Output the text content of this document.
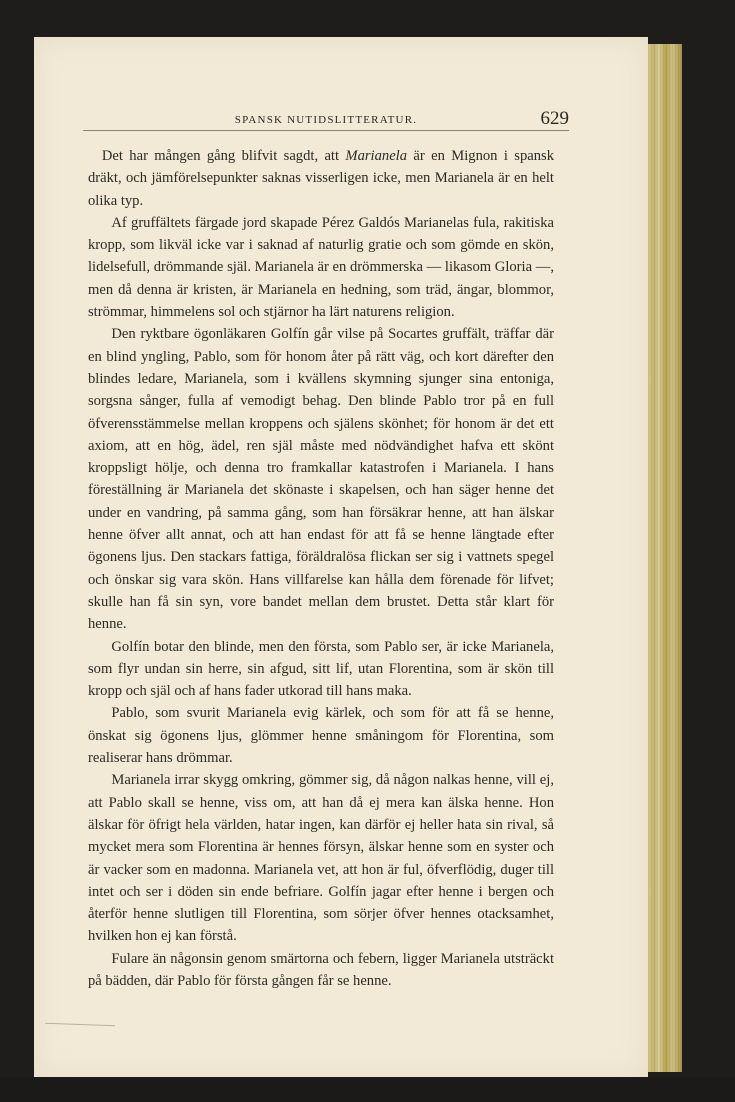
SPANSK NUTIDSLITTERATUR.	629

Det har mången gång blifvit sagdt, att Marianela är en Mignon i spansk dräkt, och jämförelsepunkter saknas visserligen icke, men Marianela är en helt olika typ.

Af gruffältets färgade jord skapade Pérez Galdós Marianelas fula, rakitiska kropp, som likväl icke var i saknad af naturlig gratie och som gömde en skön, lidelsefull, drömmande själ. Marianela är en drömmerska — likasom Gloria —, men då denna är kristen, är Marianela en hedning, som träd, ängar, blommor, strömmar, himmelens sol och stjärnor ha lärt naturens religion.

Den ryktbare ögonläkaren Golfín går vilse på Socartes gruffält, träffar där en blind yngling, Pablo, som för honom åter på rätt väg, och kort därefter den blindes ledare, Marianela, som i kvällens skymning sjunger sina entoniga, sorgsna sånger, fulla af vemodigt behag. Den blinde Pablo tror på en full öfverensstämmelse mellan kroppens och själens skönhet; för honom är det ett axiom, att en hög, ädel, ren själ måste med nödvändighet hafva ett skönt kroppsligt hölje, och denna tro framkallar katastrofen i Marianela. I hans föreställning är Marianela det skönaste i skapelsen, och han säger henne det under en vandring, på samma gång, som han försäkrar henne, att han älskar henne öfver allt annat, och att han endast för att få se henne längtade efter ögonens ljus. Den stackars fattiga, föräldralösa flickan ser sig i vattnets spegel och önskar sig vara skön. Hans villfarelse kan hålla dem förenade för lifvet; skulle han få sin syn, vore bandet mellan dem brustet. Detta står klart för henne.

Golfín botar den blinde, men den första, som Pablo ser, är icke Marianela, som flyr undan sin herre, sin afgud, sitt lif, utan Florentina, som är skön till kropp och själ och af hans fader utkorad till hans maka.

Pablo, som svurit Marianela evig kärlek, och som för att få se henne, önskat sig ögonens ljus, glömmer henne småningom för Florentina, som realiserar hans drömmar.

Marianela irrar skygg omkring, gömmer sig, då någon nalkas henne, vill ej, att Pablo skall se henne, viss om, att han då ej mera kan älska henne. Hon älskar för öfrigt hela världen, hatar ingen, kan därför ej heller hata sin rival, så mycket mera som Florentina är hennes försyn, älskar henne som en syster och är vacker som en madonna. Marianela vet, att hon är ful, öfverflödig, duger till intet och ser i döden sin ende befriare. Golfín jagar efter henne i bergen och återför henne slutligen till Florentina, som sörjer öfver hennes otacksamhet, hvilken hon ej kan förstå.

Fulare än någonsin genom smärtorna och febern, ligger Marianela utsträckt på bädden, där Pablo för första gången får se henne.
